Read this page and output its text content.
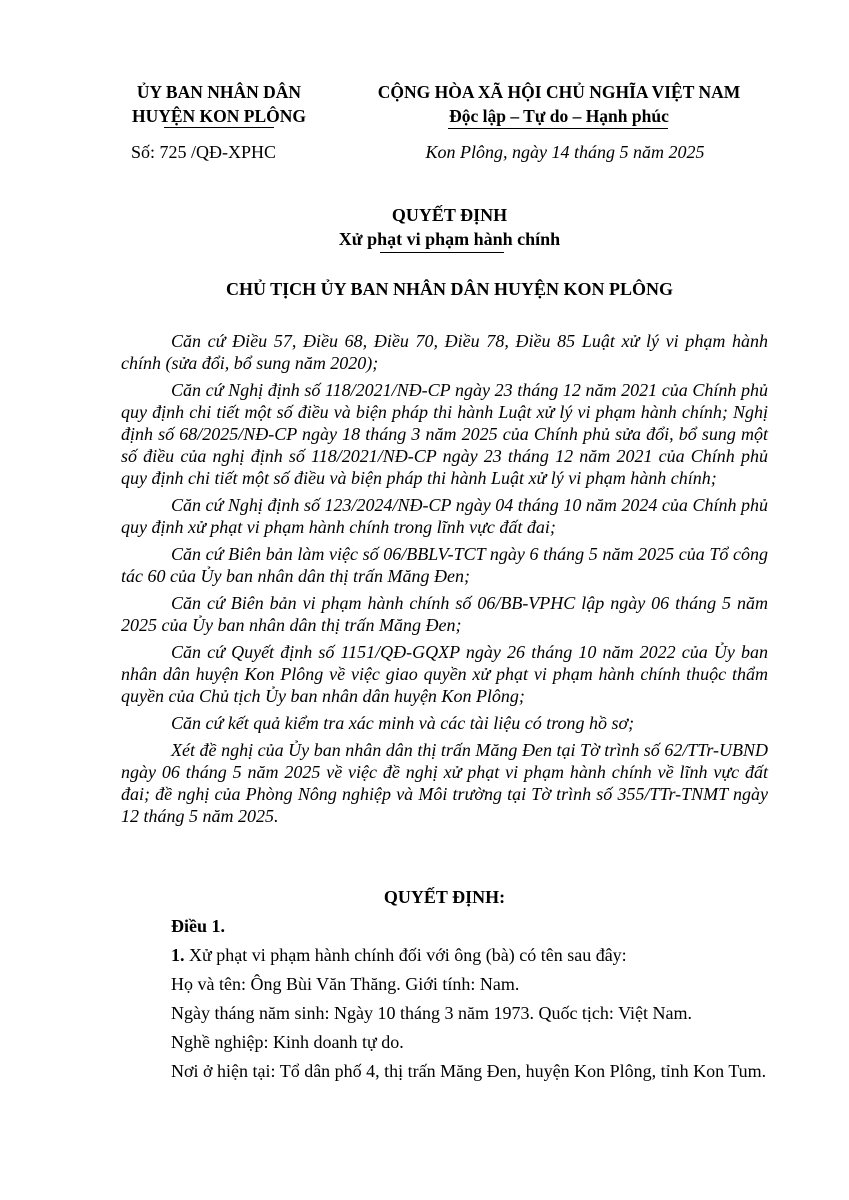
ỦY BAN NHÂN DÂN
HUYỆN KON PLÔNG
CỘNG HÒA XÃ HỘI CHỦ NGHĨA VIỆT NAM
Độc lập – Tự do – Hạnh phúc
Số: 725 /QĐ-XPHC	Kon Plông, ngày 14 tháng 5 năm 2025
QUYẾT ĐỊNH
Xử phạt vi phạm hành chính
CHỦ TỊCH ỦY BAN NHÂN DÂN HUYỆN KON PLÔNG

Căn cứ Điều 57, Điều 68, Điều 70, Điều 78, Điều 85 Luật xử lý vi phạm hành chính (sửa đổi, bổ sung năm 2020);

Căn cứ Nghị định số 118/2021/NĐ-CP ngày 23 tháng 12 năm 2021 của Chính phủ quy định chi tiết một số điều và biện pháp thi hành Luật xử lý vi phạm hành chính; Nghị định số 68/2025/NĐ-CP ngày 18 tháng 3 năm 2025 của Chính phủ sửa đổi, bổ sung một số điều của nghị định số 118/2021/NĐ-CP ngày 23 tháng 12 năm 2021 của Chính phủ quy định chi tiết một số điều và biện pháp thi hành Luật xử lý vi phạm hành chính;

Căn cứ Nghị định số 123/2024/NĐ-CP ngày 04 tháng 10 năm 2024 của Chính phủ quy định xử phạt vi phạm hành chính trong lĩnh vực đất đai;

Căn cứ Biên bản làm việc số 06/BBLV-TCT ngày 6 tháng 5 năm 2025 của Tổ công tác 60 của Ủy ban nhân dân thị trấn Măng Đen;

Căn cứ Biên bản vi phạm hành chính số 06/BB-VPHC lập ngày 06 tháng 5 năm 2025 của Ủy ban nhân dân thị trấn Măng Đen;

Căn cứ Quyết định số 1151/QĐ-GQXP ngày 26 tháng 10 năm 2022 của Ủy ban nhân dân huyện Kon Plông về việc giao quyền xử phạt vi phạm hành chính thuộc thẩm quyền của Chủ tịch Ủy ban nhân dân huyện Kon Plông;

Căn cứ kết quả kiểm tra xác minh và các tài liệu có trong hồ sơ;

Xét đề nghị của Ủy ban nhân dân thị trấn Măng Đen tại Tờ trình số 62/TTr-UBND ngày 06 tháng 5 năm 2025 về việc đề nghị xử phạt vi phạm hành chính về lĩnh vực đất đai; đề nghị của Phòng Nông nghiệp và Môi trường tại Tờ trình số 355/TTr-TNMT ngày 12 tháng 5 năm 2025.

QUYẾT ĐỊNH:

Điều 1.

1. Xử phạt vi phạm hành chính đối với ông (bà) có tên sau đây:

Họ và tên: Ông Bùi Văn Thăng. Giới tính: Nam.

Ngày tháng năm sinh: Ngày 10 tháng 3 năm 1973. Quốc tịch: Việt Nam.

Nghề nghiệp: Kinh doanh tự do.

Nơi ở hiện tại: Tổ dân phố 4, thị trấn Măng Đen, huyện Kon Plông, tỉnh Kon Tum.
